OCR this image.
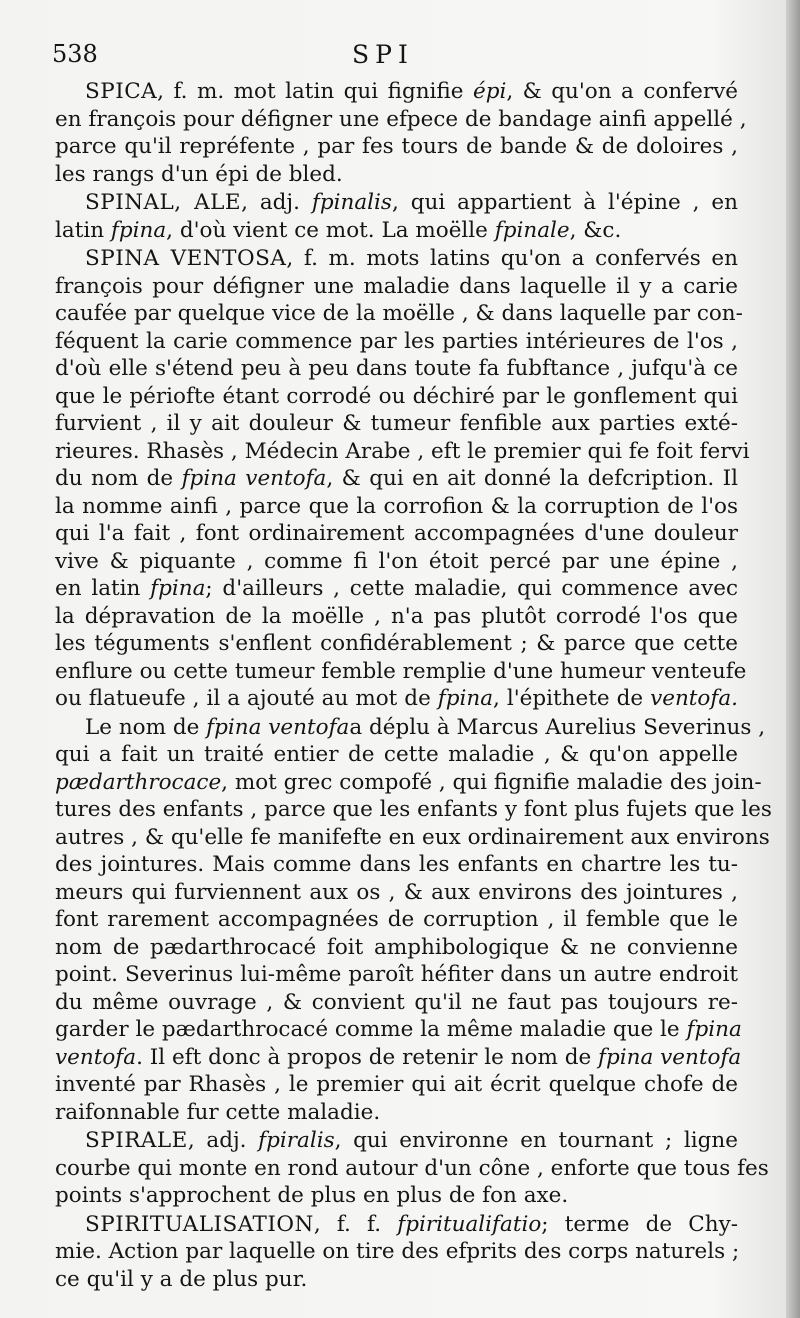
538	SPI
SPICA, f. m. mot latin qui fignifie épi, & qu'on a confervé
en françois pour défigner une efpece de bandage ainfi appellé ,
parce qu'il repréfente , par fes tours de bande & de doloires ,
les rangs d'un épi de bled.
SPINAL, ALE, adj. fpinalis, qui appartient à l'épine , en
latin fpina, d'où vient ce mot. La moëlle fpinale, &c.
SPINA VENTOSA, f. m. mots latins qu'on a confervés en
françois pour défigner une maladie dans laquelle il y a carie
caufée par quelque vice de la moëlle , & dans laquelle par con-
féquent la carie commence par les parties intérieures de l'os ,
d'où elle s'étend peu à peu dans toute fa fubftance , jufqu'à ce
que le périofte étant corrodé ou déchiré par le gonflement qui
furvient , il y ait douleur & tumeur fenfible aux parties exté-
rieures. Rhasès , Médecin Arabe , eft le premier qui fe foit fervi
du nom de fpina ventofa, & qui en ait donné la defcription. Il
la nomme ainfi , parce que la corrofion & la corruption de l'os
qui l'a fait , font ordinairement accompagnées d'une douleur
vive & piquante , comme fi l'on étoit percé par une épine ,
en latin fpina; d'ailleurs , cette maladie, qui commence avec
la dépravation de la moëlle , n'a pas plutôt corrodé l'os que
les téguments s'enflent confidérablement ; & parce que cette
enflure ou cette tumeur femble remplie d'une humeur venteufe
ou flatueufe , il a ajouté au mot de fpina, l'épithete de ventofa.
Le nom de fpina ventofaa déplu à Marcus Aurelius Severinus ,
qui a fait un traité entier de cette maladie , & qu'on appelle
pædarthrocace, mot grec compofé , qui fignifie maladie des join-
tures des enfants , parce que les enfants y font plus fujets que les
autres , & qu'elle fe manifefte en eux ordinairement aux environs
des jointures. Mais comme dans les enfants en chartre les tu-
meurs qui furviennent aux os , & aux environs des jointures ,
font rarement accompagnées de corruption , il femble que le
nom de pædarthrocacé foit amphibologique & ne convienne
point. Severinus lui-même paroît héfiter dans un autre endroit
du même ouvrage , & convient qu'il ne faut pas toujours re-
garder le pædarthrocacé comme la même maladie que le fpina
ventofa. Il eft donc à propos de retenir le nom de fpina ventofa
inventé par Rhasès , le premier qui ait écrit quelque chofe de
raifonnable fur cette maladie.
SPIRALE, adj. fpiralis, qui environne en tournant ; ligne
courbe qui monte en rond autour d'un cône , enforte que tous fes
points s'approchent de plus en plus de fon axe.
SPIRITUALISATION, f. f. fpiritualifatio; terme de Chy-
mie. Action par laquelle on tire des efprits des corps naturels ;
ce qu'il y a de plus pur.
